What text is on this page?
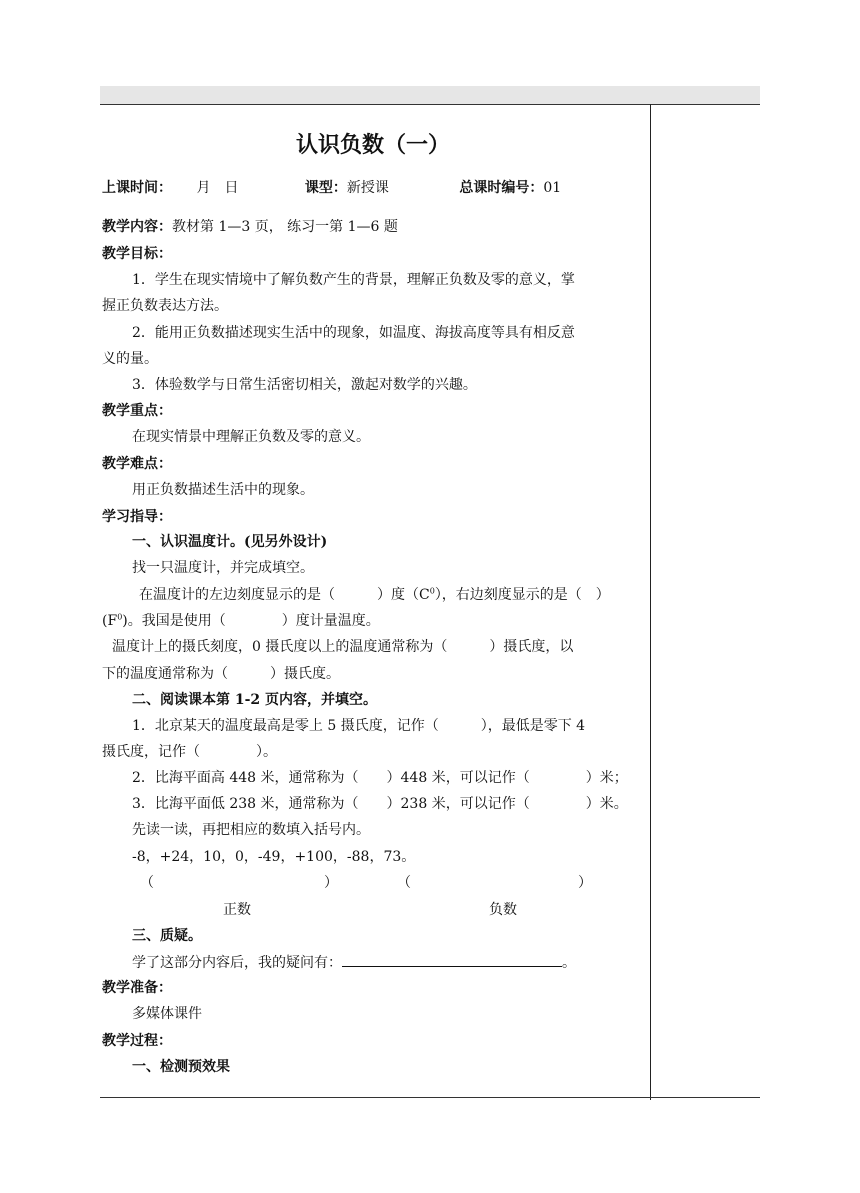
认识负数（一）
上课时间： 月　日	课型：新授课	总课时编号：01
教学内容：教材第 1—3 页， 练习一第 1—6 题
教学目标：
1．学生在现实情境中了解负数产生的背景，理解正负数及零的意义，掌
握正负数表达方法。
2．能用正负数描述现实生活中的现象，如温度、海拔高度等具有相反意
义的量。
3．体验数学与日常生活密切相关，激起对数学的兴趣。
教学重点：
在现实情景中理解正负数及零的意义。
教学难点：
用正负数描述生活中的现象。
学习指导：
一、认识温度计。(见另外设计)
找一只温度计，并完成填空。
在温度计的左边刻度显示的是（　　　）度$(C^0)$，右边刻度显示的是（　）
$(F^0)$。我国是使用（　　　　）度计量温度。
温度计上的摄氏刻度，0 摄氏度以上的温度通常称为（　　　）摄氏度，以
下的温度通常称为（　　　）摄氏度。
二、阅读课本第 1-2 页内容，并填空。
1．北京某天的温度最高是零上 5 摄氏度，记作（　　　），最低是零下 4
摄氏度，记作（　　　　）。
2．比海平面高 448 米，通常称为（　　）448 米，可以记作（　　　　）米；
3．比海平面低 238 米，通常称为（　　）238 米，可以记作（　　　　）米。
先读一读，再把相应的数填入括号内。
-8，+24，10，0，-49，+100，-88，73。
（	）	（	）
正数	负数
三、质疑。
学了这部分内容后，我的疑问有：	。
教学准备：
多媒体课件
教学过程：
一、检测预效果
